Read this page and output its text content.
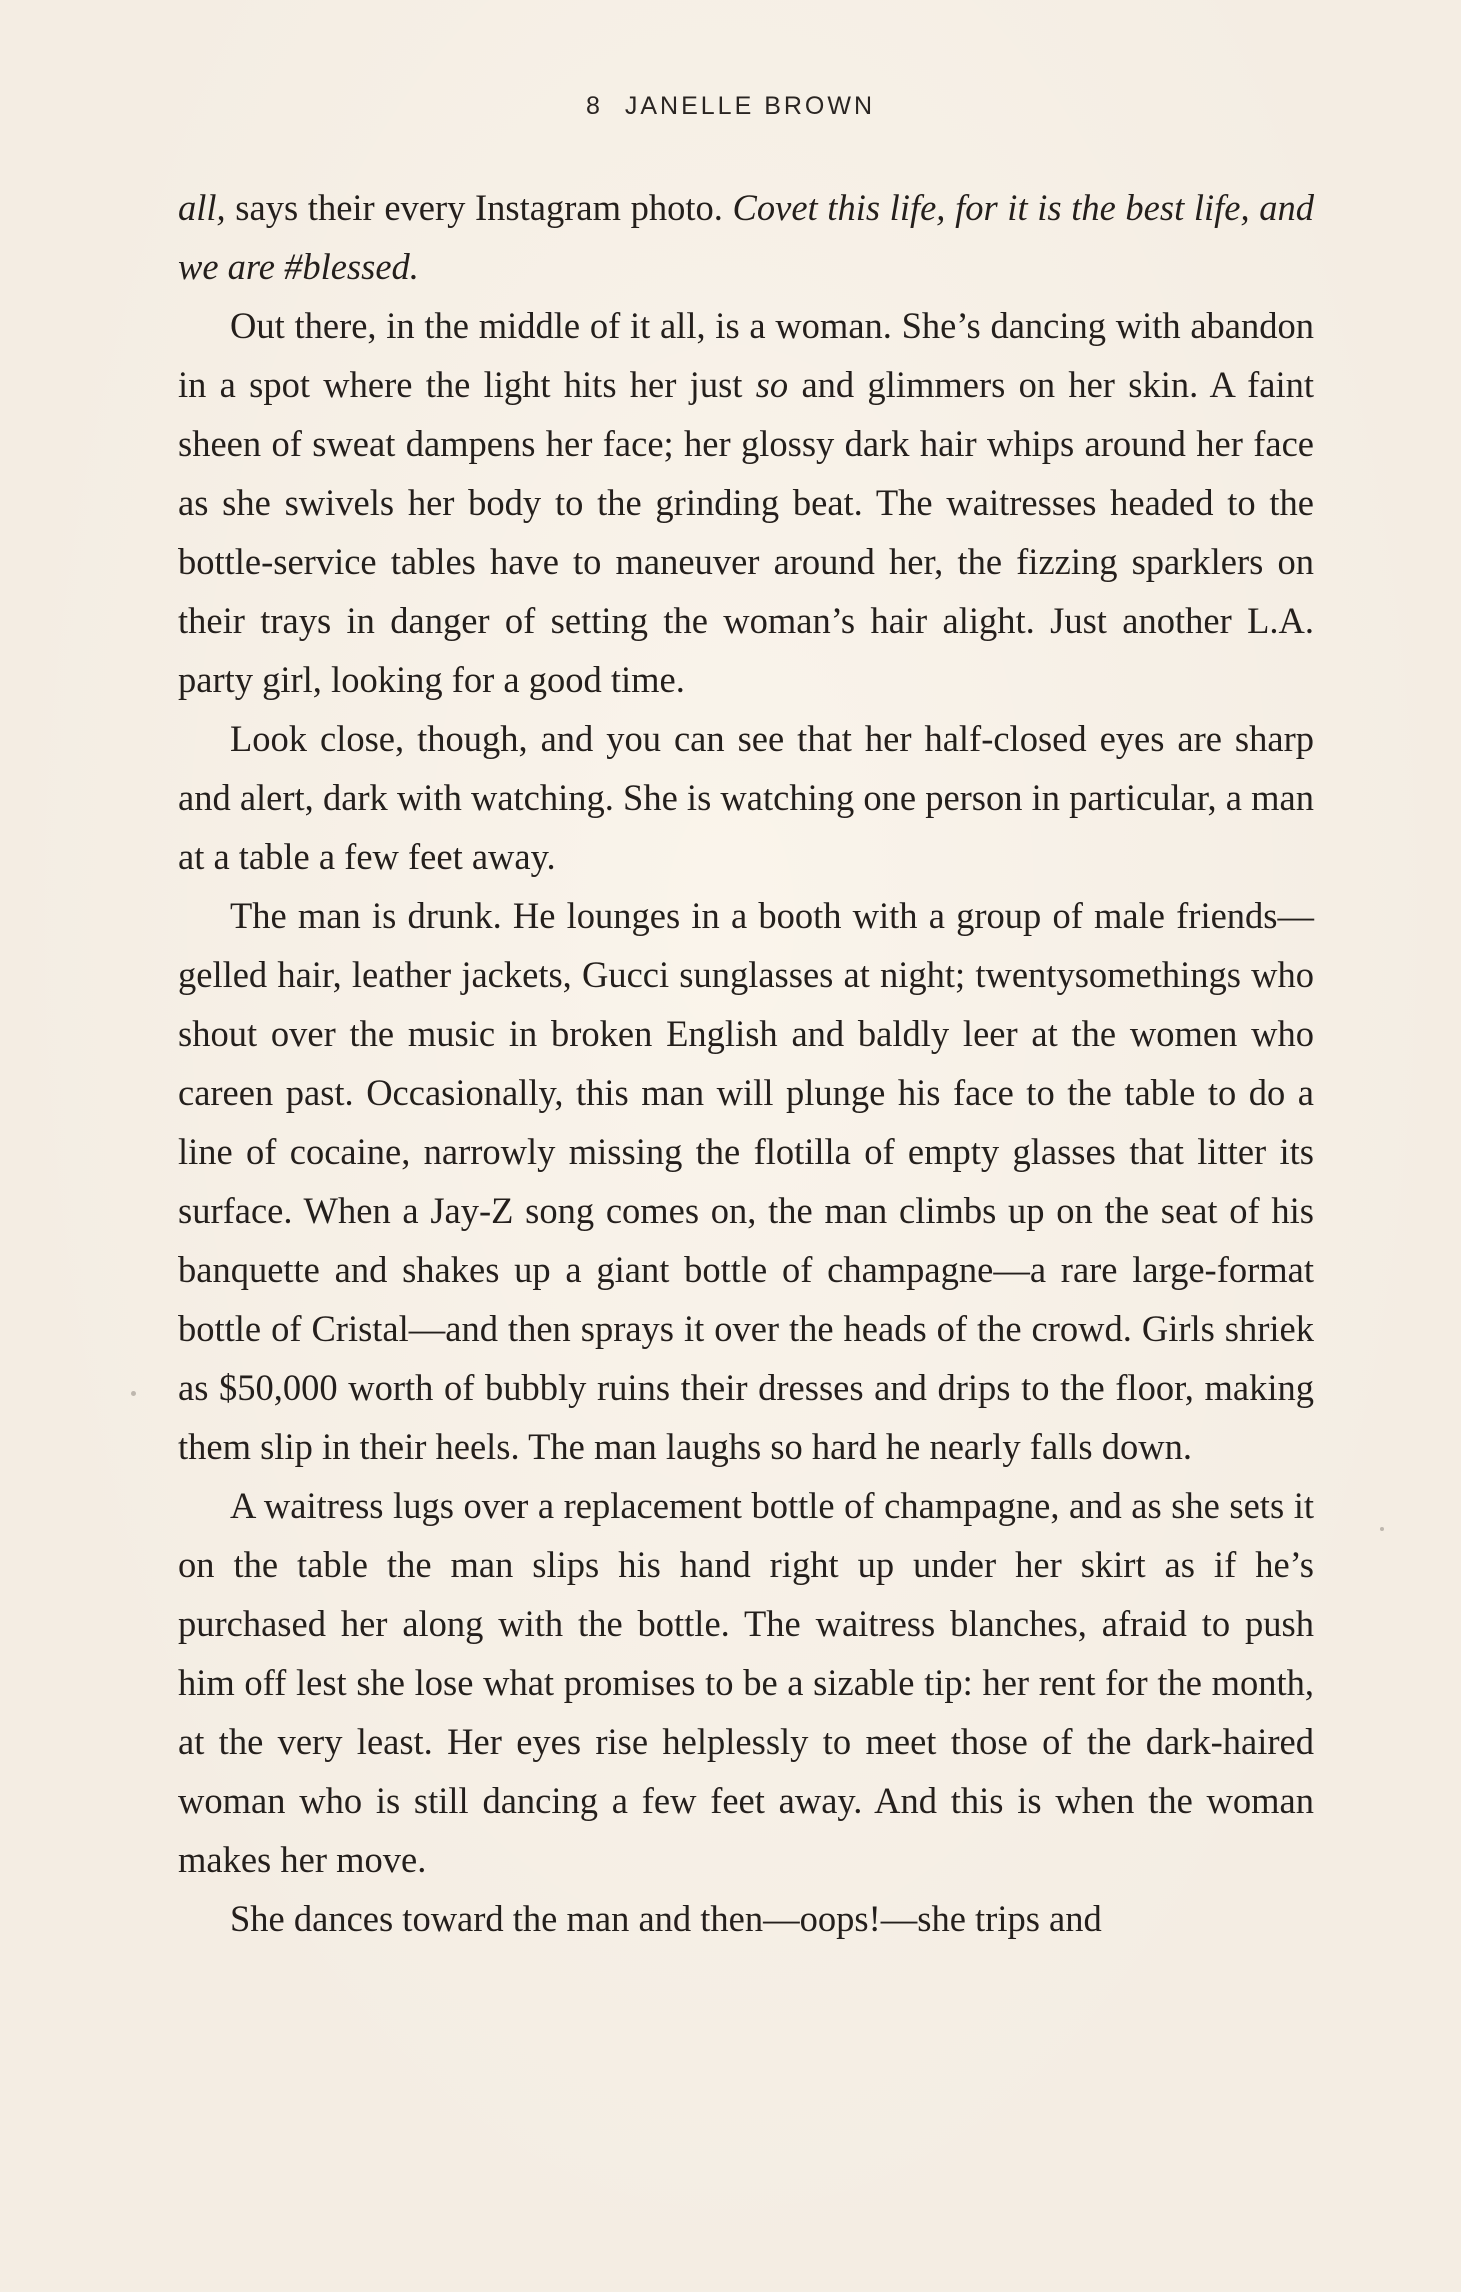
8 JANELLE BROWN

all, says their every Instagram photo. Covet this life, for it is the best life, and we are #blessed.

Out there, in the middle of it all, is a woman. She’s dancing with abandon in a spot where the light hits her just so and glimmers on her skin. A faint sheen of sweat dampens her face; her glossy dark hair whips around her face as she swivels her body to the grinding beat. The waitresses headed to the bottle-service tables have to maneuver around her, the fizzing sparklers on their trays in danger of setting the woman’s hair alight. Just another L.A. party girl, looking for a good time.

Look close, though, and you can see that her half-closed eyes are sharp and alert, dark with watching. She is watching one person in particular, a man at a table a few feet away.

The man is drunk. He lounges in a booth with a group of male friends—gelled hair, leather jackets, Gucci sunglasses at night; twentysomethings who shout over the music in broken English and baldly leer at the women who careen past. Occasionally, this man will plunge his face to the table to do a line of cocaine, narrowly missing the flotilla of empty glasses that litter its surface. When a Jay-Z song comes on, the man climbs up on the seat of his banquette and shakes up a giant bottle of champagne—a rare large-format bottle of Cristal—and then sprays it over the heads of the crowd. Girls shriek as $50,000 worth of bubbly ruins their dresses and drips to the floor, making them slip in their heels. The man laughs so hard he nearly falls down.

A waitress lugs over a replacement bottle of champagne, and as she sets it on the table the man slips his hand right up under her skirt as if he’s purchased her along with the bottle. The waitress blanches, afraid to push him off lest she lose what promises to be a sizable tip: her rent for the month, at the very least. Her eyes rise helplessly to meet those of the dark-haired woman who is still dancing a few feet away. And this is when the woman makes her move.

She dances toward the man and then—oops!—she trips and
